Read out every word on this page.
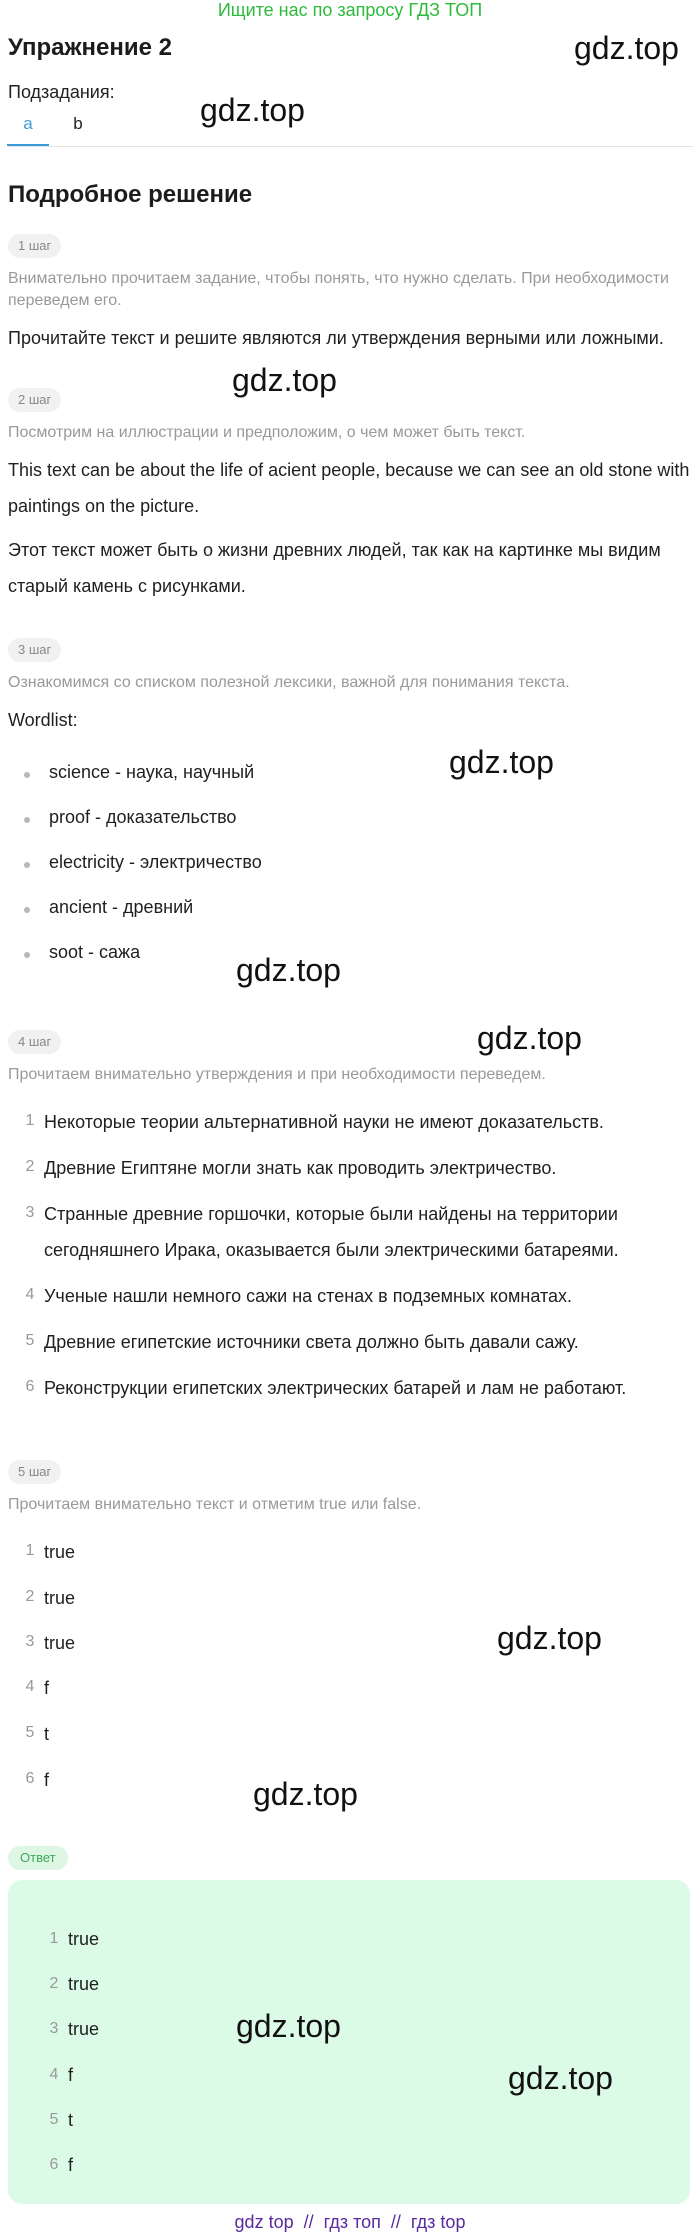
Ищите нас по запросу ГДЗ ТОП
Упражнение 2	gdz.top
Подзадания:	gdz.top
a	b
Подробное решение
1 шаг
Внимательно прочитаем задание, чтобы понять, что нужно сделать. При необходимости переведем его.
Прочитайте текст и решите являются ли утверждения верными или ложными.
gdz.top
2 шаг
Посмотрим на иллюстрации и предположим, о чем может быть текст.
This text can be about the life of acient people, because we can see an old stone with paintings on the picture.
Этот текст может быть о жизни древних людей, так как на картинке мы видим старый камень с рисунками.
3 шаг
Ознакомимся со списком полезной лексики, важной для понимания текста.
Wordlist:
gdz.top
science - наука, научный
proof - доказательство
electricity - электричество
ancient - древний
soot - сажа	gdz.top
gdz.top
4 шаг
Прочитаем внимательно утверждения и при необходимости переведем.
1 Некоторые теории альтернативной науки не имеют доказательств.
2 Древние Египтяне могли знать как проводить электричество.
3 Странные древние горшочки, которые были найдены на территории сегодняшнего Ирака, оказывается были электрическими батареями.
4 Ученые нашли немного сажи на стенах в подземных комнатах.
5 Древние египетские источники света должно быть давали сажу.
6 Реконструкции египетских электрических батарей и лам не работают.
5 шаг
Прочитаем внимательно текст и отметим true или false.
1 true
2 true
3 true	gdz.top
4 f
5 t
6 f	gdz.top
Ответ
1 true
2 true
3 true	gdz.top
4 f	gdz.top
5 t
6 f
gdz top  //  гдз топ  //  гдз top
